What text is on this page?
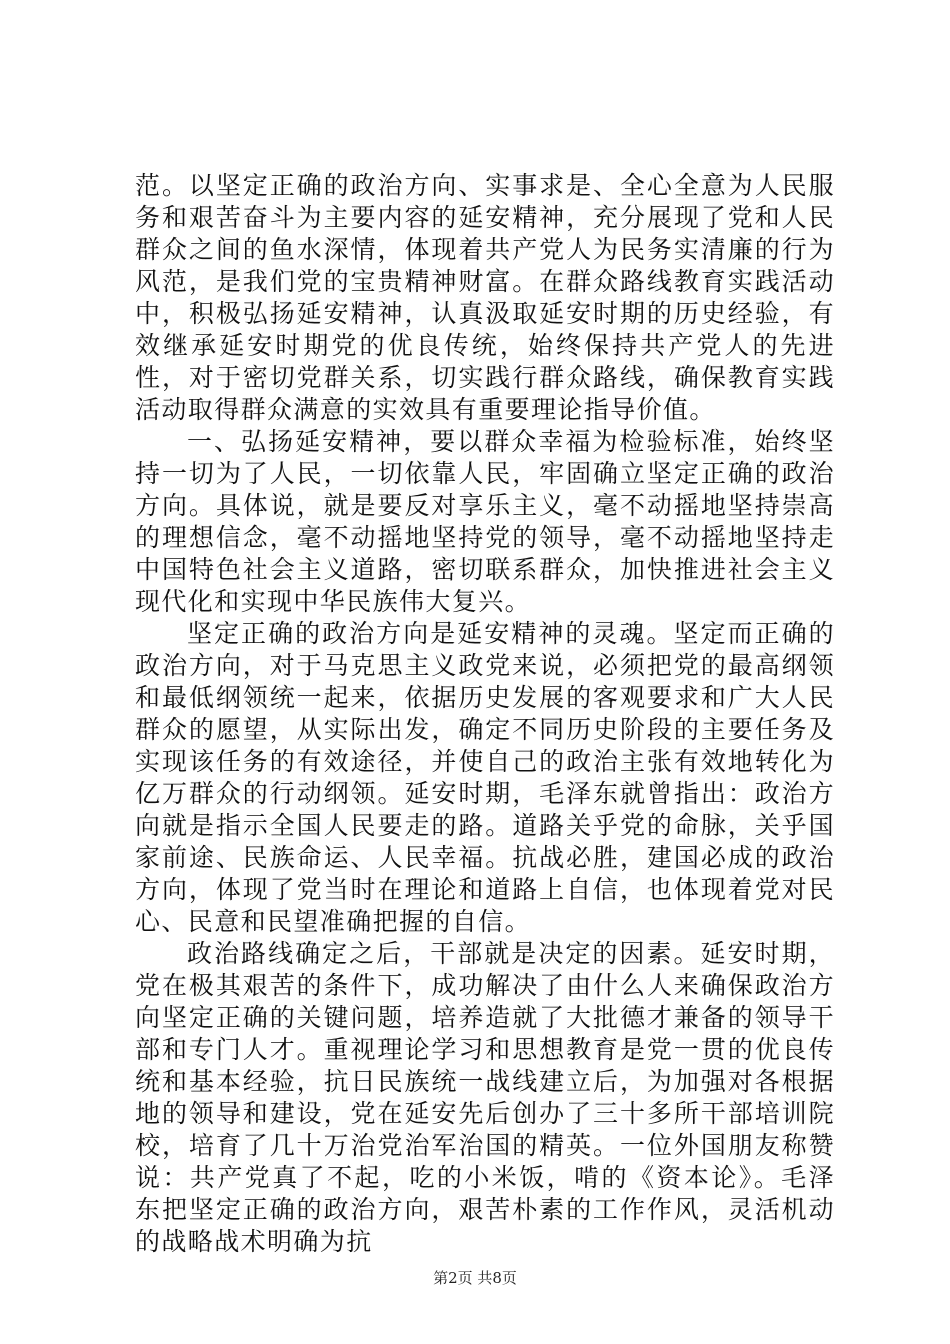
范。以坚定正确的政治方向、实事求是、全心全意为人民服务和艰苦奋斗为主要内容的延安精神，充分展现了党和人民群众之间的鱼水深情，体现着共产党人为民务实清廉的行为风范，是我们党的宝贵精神财富。在群众路线教育实践活动中，积极弘扬延安精神，认真汲取延安时期的历史经验，有效继承延安时期党的优良传统，始终保持共产党人的先进性，对于密切党群关系，切实践行群众路线，确保教育实践活动取得群众满意的实效具有重要理论指导价值。

一、弘扬延安精神，要以群众幸福为检验标准，始终坚持一切为了人民，一切依靠人民，牢固确立坚定正确的政治方向。具体说，就是要反对享乐主义，毫不动摇地坚持崇高的理想信念，毫不动摇地坚持党的领导，毫不动摇地坚持走中国特色社会主义道路，密切联系群众，加快推进社会主义现代化和实现中华民族伟大复兴。

坚定正确的政治方向是延安精神的灵魂。坚定而正确的政治方向，对于马克思主义政党来说，必须把党的最高纲领和最低纲领统一起来，依据历史发展的客观要求和广大人民群众的愿望，从实际出发，确定不同历史阶段的主要任务及实现该任务的有效途径，并使自己的政治主张有效地转化为亿万群众的行动纲领。延安时期，毛泽东就曾指出：政治方向就是指示全国人民要走的路。道路关乎党的命脉，关乎国家前途、民族命运、人民幸福。抗战必胜，建国必成的政治方向，体现了党当时在理论和道路上自信，也体现着党对民心、民意和民望准确把握的自信。

政治路线确定之后，干部就是决定的因素。延安时期，党在极其艰苦的条件下，成功解决了由什么人来确保政治方向坚定正确的关键问题，培养造就了大批德才兼备的领导干部和专门人才。重视理论学习和思想教育是党一贯的优良传统和基本经验，抗日民族统一战线建立后，为加强对各根据地的领导和建设，党在延安先后创办了三十多所干部培训院校，培育了几十万治党治军治国的精英。一位外国朋友称赞说：共产党真了不起，吃的小米饭，啃的《资本论》。毛泽东把坚定正确的政治方向，艰苦朴素的工作作风，灵活机动的战略战术明确为抗

第2页 共8页
